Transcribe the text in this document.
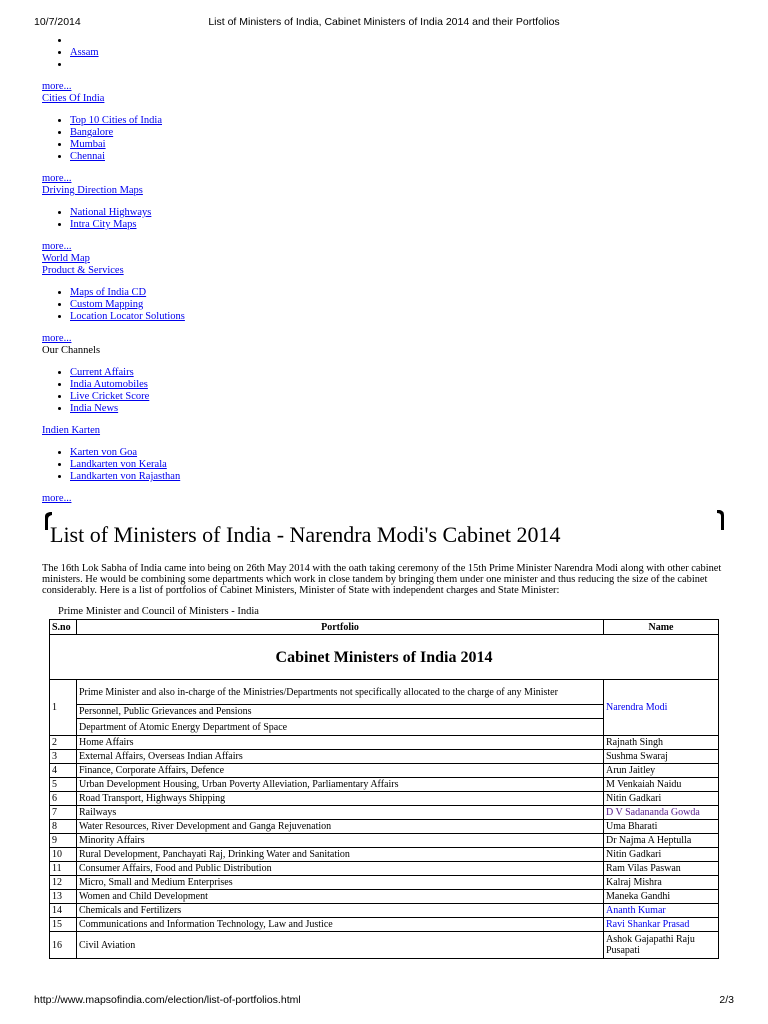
10/7/2014	List of Ministers of India, Cabinet Ministers of India 2014 and their Portfolios
•
• Assam
•
more...
Cities Of India
• Top 10 Cities of India
• Bangalore
• Mumbai
• Chennai
more...
Driving Direction Maps
• National Highways
• Intra City Maps
more...
World Map
Product & Services
• Maps of India CD
• Custom Mapping
• Location Locator Solutions
more...
Our Channels
• Current Affairs
• India Automobiles
• Live Cricket Score
• India News
Indien Karten
• Karten von Goa
• Landkarten von Kerala
• Landkarten von Rajasthan
more...
List of Ministers of India - Narendra Modi's Cabinet 2014
The 16th Lok Sabha of India came into being on 26th May 2014 with the oath taking ceremony of the 15th Prime Minister Narendra Modi along with other cabinet ministers. He would be combining some departments which work in close tandem by bringing them under one minister and thus reducing the size of the cabinet considerably. Here is a list of portfolios of Cabinet Ministers, Minister of State with independent charges and State Minister:
Prime Minister and Council of Ministers - India
S.no	Portfolio	Name
Cabinet Ministers of India 2014		
1	Prime Minister and also in-charge of the Ministries/Departments not specifically allocated to the charge of any Minister	Narendra Modi
	Personnel, Public Grievances and Pensions	
	Department of Atomic Energy Department of Space	
2	Home Affairs	Rajnath Singh
3	External Affairs, Overseas Indian Affairs	Sushma Swaraj
4	Finance, Corporate Affairs, Defence	Arun Jaitley
5	Urban Development Housing, Urban Poverty Alleviation, Parliamentary Affairs	M Venkaiah Naidu
6	Road Transport, Highways Shipping	Nitin Gadkari
7	Railways	D V Sadananda Gowda
8	Water Resources, River Development and Ganga Rejuvenation	Uma Bharati
9	Minority Affairs	Dr Najma A Heptulla
10	Rural Development, Panchayati Raj, Drinking Water and Sanitation	Nitin Gadkari
11	Consumer Affairs, Food and Public Distribution	Ram Vilas Paswan
12	Micro, Small and Medium Enterprises	Kalraj Mishra
13	Women and Child Development	Maneka Gandhi
14	Chemicals and Fertilizers	Ananth Kumar
15	Communications and Information Technology, Law and Justice	Ravi Shankar Prasad
16	Civil Aviation	Ashok Gajapathi Raju Pusapati
http://www.mapsofindia.com/election/list-of-portfolios.html	2/3
